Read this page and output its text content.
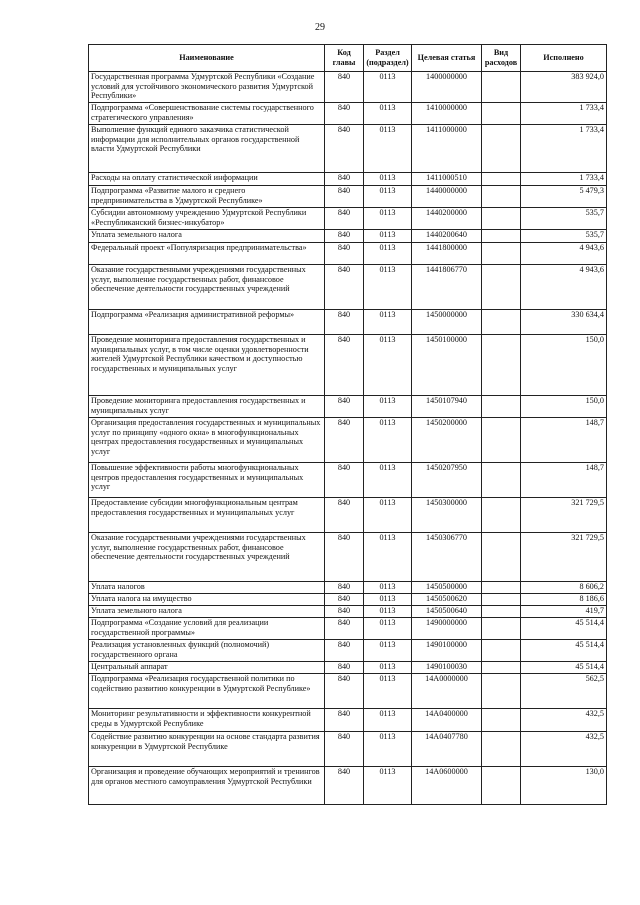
29
Наименование	Код главы	Раздел (подраздел)	Целевая статья	Вид расходов	Исполнено
Государственная программа Удмуртской Республики «Создание условий для устойчивого экономического развития Удмуртской Республики»	840	0113	1400000000		383 924,0
Подпрограмма «Совершенствование системы государственного стратегического управления»	840	0113	1410000000		1 733,4
Выполнение функций единого заказчика статистической информации для исполнительных органов государственной власти Удмуртской Республики	840	0113	1411000000		1 733,4
Расходы на оплату статистической информации	840	0113	1411000510		1 733,4
Подпрограмма «Развитие малого и среднего предпринимательства в Удмуртской Республике»	840	0113	1440000000		5 479,3
Субсидии автономному учреждению Удмуртской Республики «Республиканский бизнес-инкубатор»	840	0113	1440200000		535,7
Уплата земельного налога	840	0113	1440200640		535,7
Федеральный проект «Популяризация предпринимательства»	840	0113	1441800000		4 943,6
Оказание государственными учреждениями государственных услуг, выполнение государственных работ, финансовое обеспечение деятельности государственных учреждений	840	0113	1441806770		4 943,6
Подпрограмма «Реализация административной реформы»	840	0113	1450000000		330 634,4
Проведение мониторинга предоставления государственных и муниципальных услуг, в том числе оценки удовлетворенности жителей Удмуртской Республики качеством и доступностью государственных и муниципальных услуг	840	0113	1450100000		150,0
Проведение мониторинга предоставления государственных и муниципальных услуг	840	0113	1450107940		150,0
Организация предоставления государственных и муниципальных услуг по принципу «одного окна» в многофункциональных центрах предоставления государственных и муниципальных услуг	840	0113	1450200000		148,7
Повышение эффективности работы многофункциональных центров предоставления государственных и муниципальных услуг	840	0113	1450207950		148,7
Предоставление субсидии многофункциональным центрам предоставления государственных и муниципальных услуг	840	0113	1450300000		321 729,5
Оказание государственными учреждениями государственных услуг, выполнение государственных работ, финансовое обеспечение деятельности государственных учреждений	840	0113	1450306770		321 729,5
Уплата налогов	840	0113	1450500000		8 606,2
Уплата налога на имущество	840	0113	1450500620		8 186,6
Уплата земельного налога	840	0113	1450500640		419,7
Подпрограмма «Создание условий для реализации государственной программы»	840	0113	1490000000		45 514,4
Реализация установленных функций (полномочий) государственного органа	840	0113	1490100000		45 514,4
Центральный аппарат	840	0113	1490100030		45 514,4
Подпрограмма «Реализация государственной политики по содействию развитию конкуренции в Удмуртской Республике»	840	0113	14А0000000		562,5
Мониторинг результативности и эффективности конкурентной среды в Удмуртской Республике	840	0113	14А0400000		432,5
Содействие развитию конкуренции на основе стандарта развития конкуренции в Удмуртской Республике	840	0113	14А0407780		432,5
Организация и проведение обучающих мероприятий и тренингов для органов местного самоуправления Удмуртской Республики	840	0113	14А0600000		130,0
